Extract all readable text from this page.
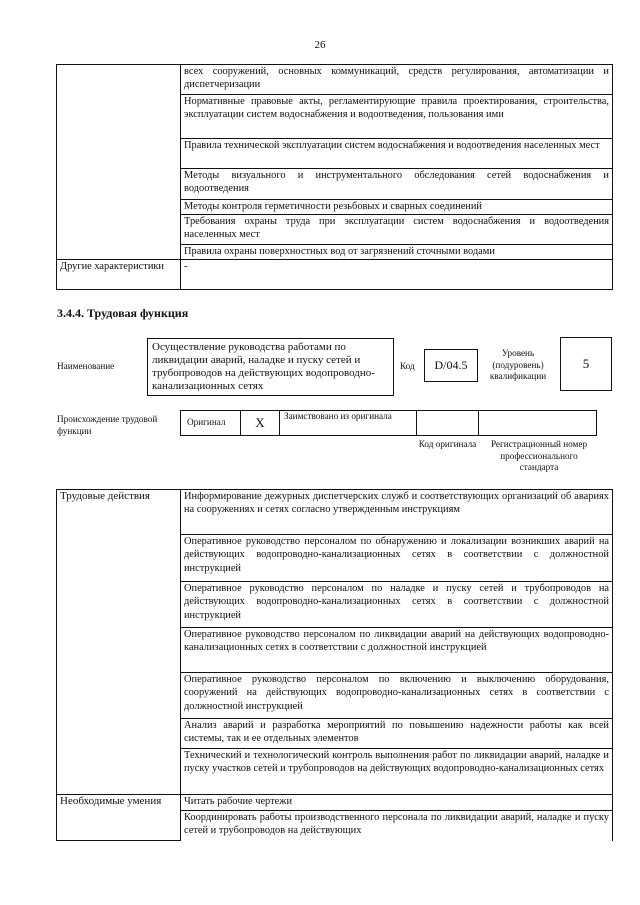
26
	всех сооружений, основных коммуникаций, средств регулирования, автоматизации и диспетчеризации
	Нормативные правовые акты, регламентирующие правила проектирования, строительства, эксплуатации систем водоснабжения и водоотведения, пользования ими
	Правила технической эксплуатации систем водоснабжения и водоотведения населенных мест
	Методы визуального и инструментального обследования сетей водоснабжения и водоотведения
	Методы контроля герметичности резьбовых и сварных соединений
	Требования охраны труда при эксплуатации систем водоснабжения и водоотведения населенных мест
	Правила охраны поверхностных вод от загрязнений сточными водами
Другие характеристики	-
3.4.4. Трудовая функция
Наименование
Осуществление руководства работами по ликвидации аварий, наладке и пуску сетей и трубопроводов на действующих водопроводно-канализационных сетях
Код	D/04.5
Уровень (подуровень) квалификации
5
Происхождение трудовой функции
Оригинал	X	Заимствовано из оригинала
Код оригинала	Регистрационный номер профессионального стандарта
Трудовые действия	Информирование дежурных диспетчерских служб и соответствующих организаций об авариях на сооружениях и сетях согласно утвержденным инструкциям
	Оперативное руководство персоналом по обнаружению и локализации возникших аварий на действующих водопроводно-канализационных сетях в соответствии с должностной инструкцией
	Оперативное руководство персоналом по наладке и пуску сетей и трубопроводов на действующих водопроводно-канализационных сетях в соответствии с должностной инструкцией
	Оперативное руководство персоналом по ликвидации аварий на действующих водопроводно-канализационных сетях в соответствии с должностной инструкцией
	Оперативное руководство персоналом по включению и выключению оборудования, сооружений на действующих водопроводно-канализационных сетях в соответствии с должностной инструкцией
	Анализ аварий и разработка мероприятий по повышению надежности работы как всей системы, так и ее отдельных элементов
	Технический и технологический контроль выполнения работ по ликвидации аварий, наладке и пуску участков сетей и трубопроводов на действующих водопроводно-канализационных сетях
Необходимые умения	Читать рабочие чертежи
	Координировать работы производственного персонала по ликвидации аварий, наладке и пуску сетей и трубопроводов на действующих
